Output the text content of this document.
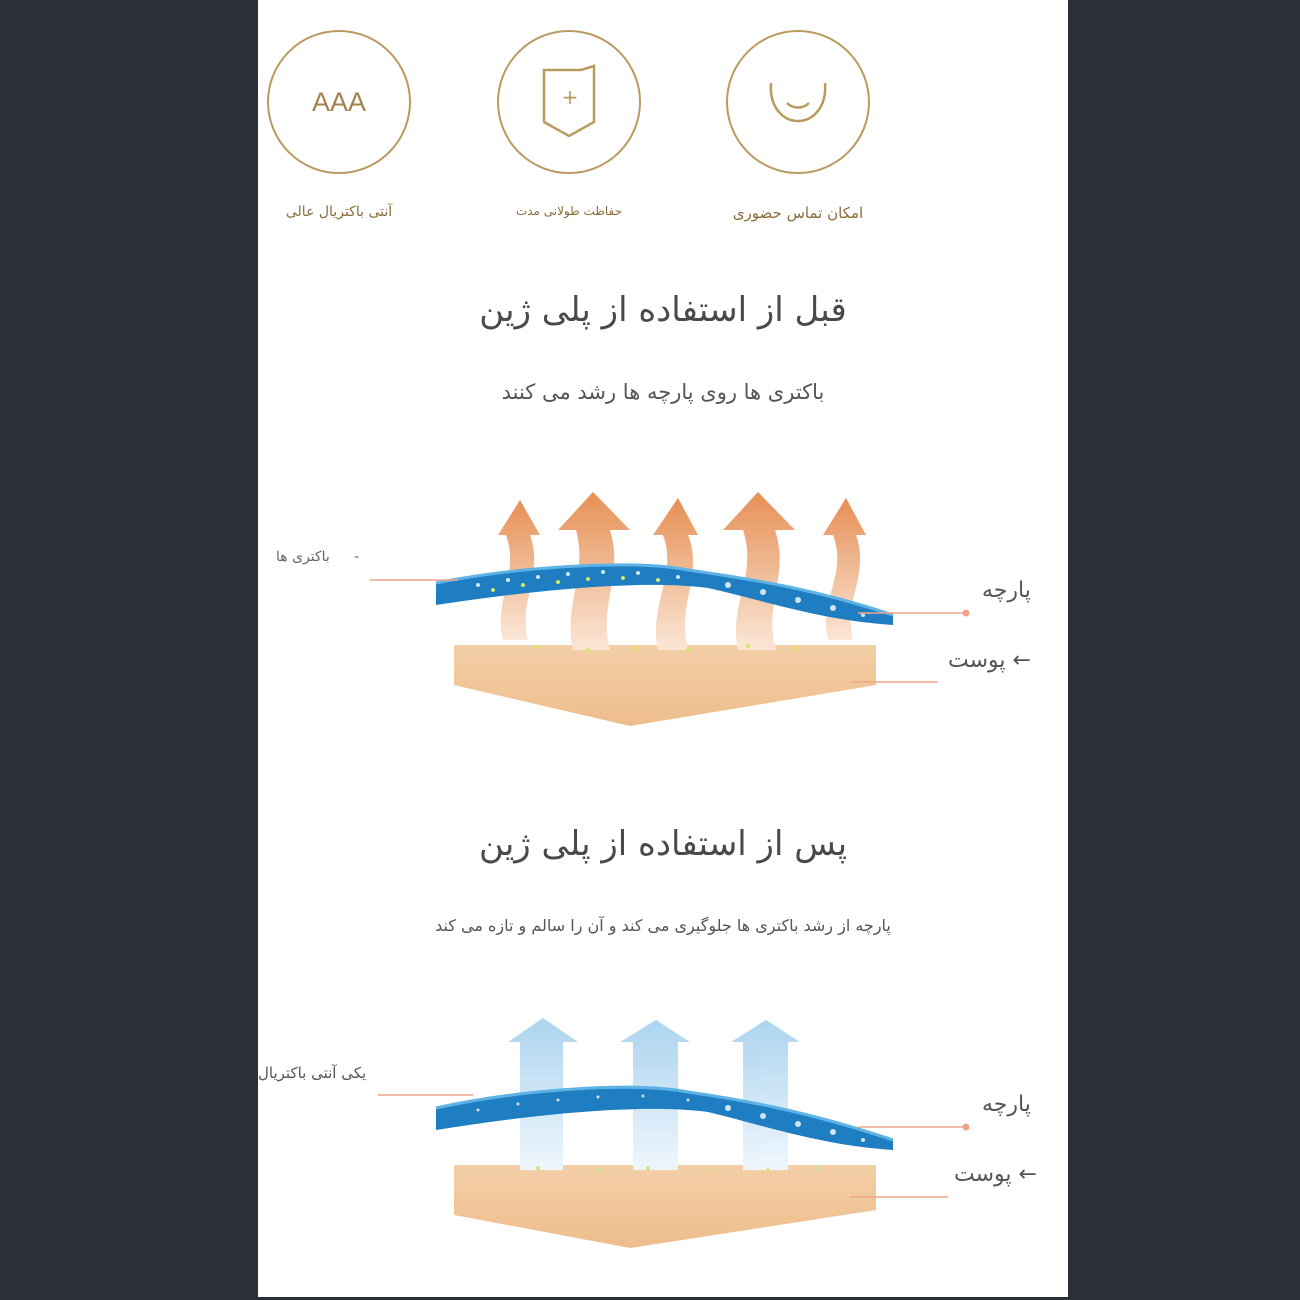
AAA
آنتی باکتریال عالی
+
حفاظت طولانی مدت	امکان تماس حضوری
قبل از استفاده از پلی ژین
باکتری ها روی پارچه ها رشد می کنند
باکتری ها -
پارچه
← پوست
پس از استفاده از پلی ژین
پارچه از رشد باکتری ها جلوگیری می کند و آن را سالم و تازه می کند
یکی آنتی باکتریال
پارچه
← پوست
